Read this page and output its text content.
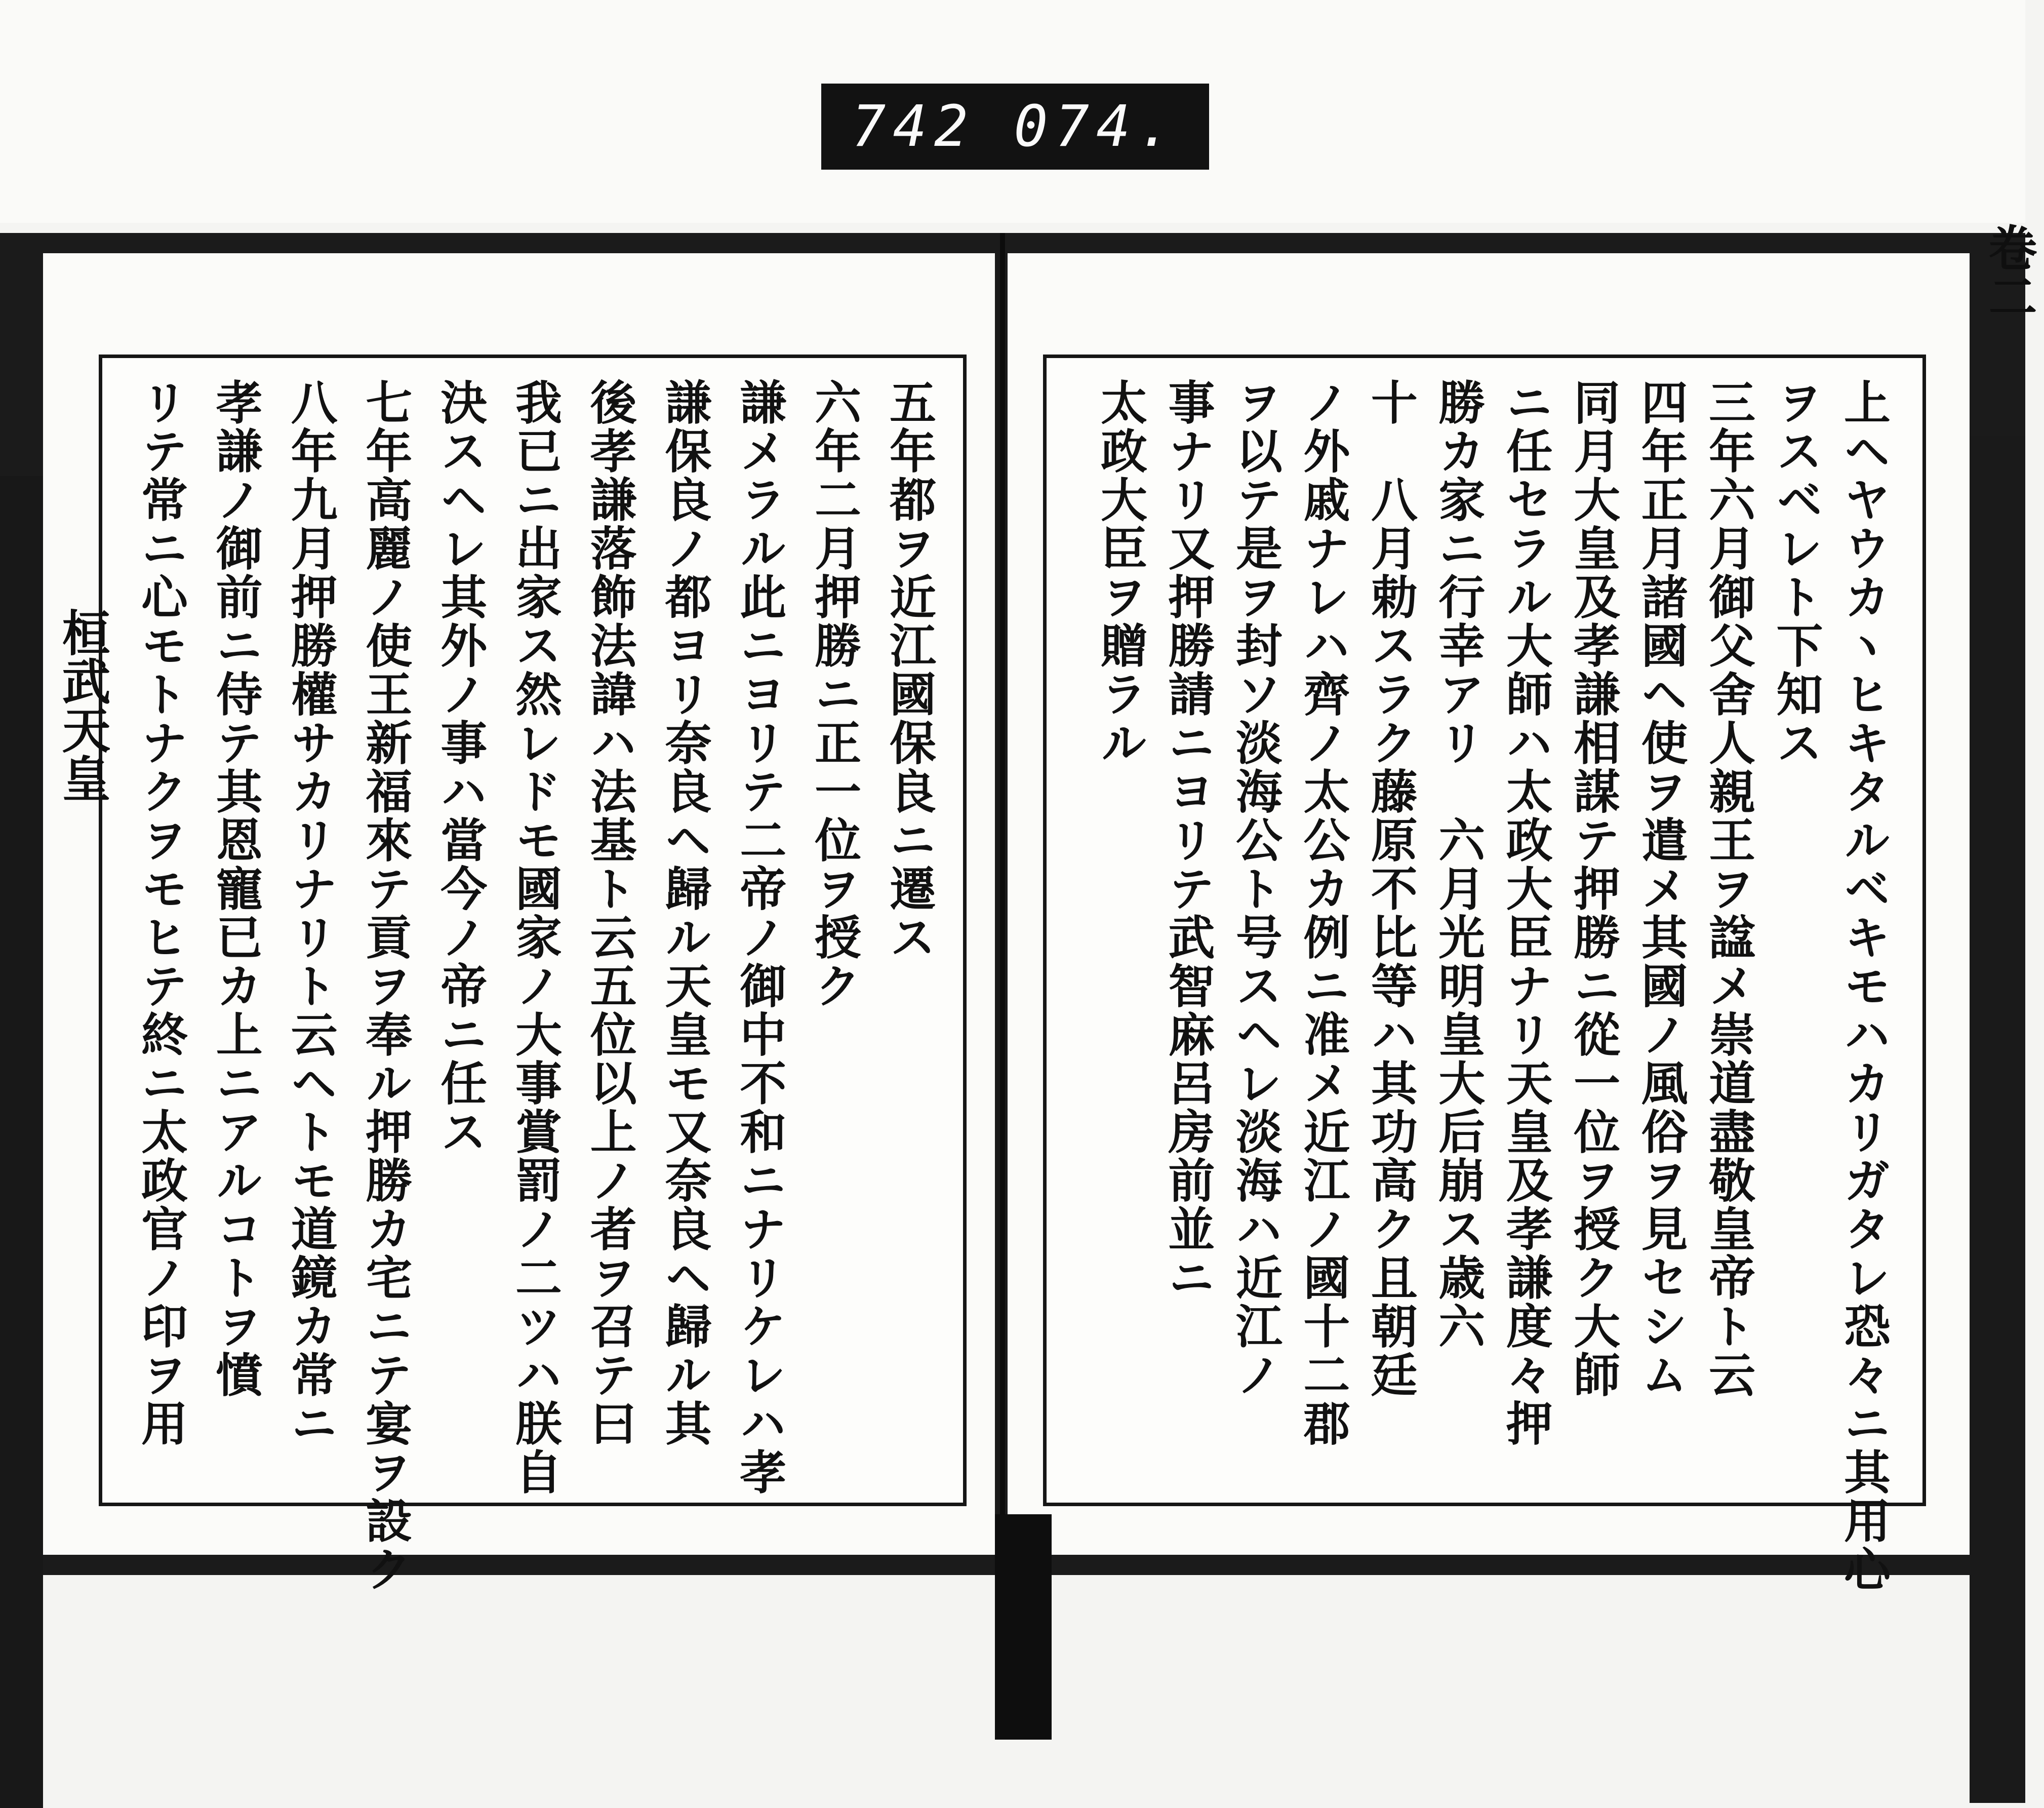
742 074.
五年都ヲ近江國保良ニ遷ス
六年二月押勝ニ正一位ヲ授ク
謙メラル此ニヨリテ二帝ノ御中不和ニナリケレハ孝
謙保良ノ都ヨリ奈良ヘ歸ル天皇モ又奈良ヘ歸ル其
後孝謙落飾法諱ハ法基ト云五位以上ノ者ヲ召テ曰
我已ニ出家ス然レドモ國家ノ大事賞罰ノ二ツハ朕自
決スヘレ其外ノ事ハ當今ノ帝ニ任ス
七年高麗ノ使王新福來テ貢ヲ奉ル押勝カ宅ニテ宴ヲ設ク
八年九月押勝權サカリナリト云ヘトモ道鏡カ常ニ
孝謙ノ御前ニ侍テ其恩寵已カ上ニアルコトヲ憤
リテ常ニ心モトナクヲモヒテ終ニ太政官ノ印ヲ用	上ヘヤウカヽヒキタルベキモハカリガタレ恐々ニ其用心
ヲスベレト下知ス
三年六月御父舍人親王ヲ諡メ崇道盡敬皇帝ト云
四年正月諸國ヘ使ヲ遣メ其國ノ風俗ヲ見セシム
同月大皇及孝謙相謀テ押勝ニ從一位ヲ授ク大師
ニ任セラル大師ハ太政大臣ナリ天皇及孝謙度々押
勝カ家ニ行幸アリ　六月光明皇大后崩ス歳六
十　八月勅スラク藤原不比等ハ其功高ク且朝廷
ノ外戚ナレハ齊ノ太公カ例ニ准メ近江ノ國十二郡
ヲ以テ是ヲ封ソ淡海公ト号スヘレ淡海ハ近江ノ
事ナリ又押勝請ニヨリテ武智麻呂房前並ニ
太政大臣ヲ贈ラル
桓武天皇
卷二
